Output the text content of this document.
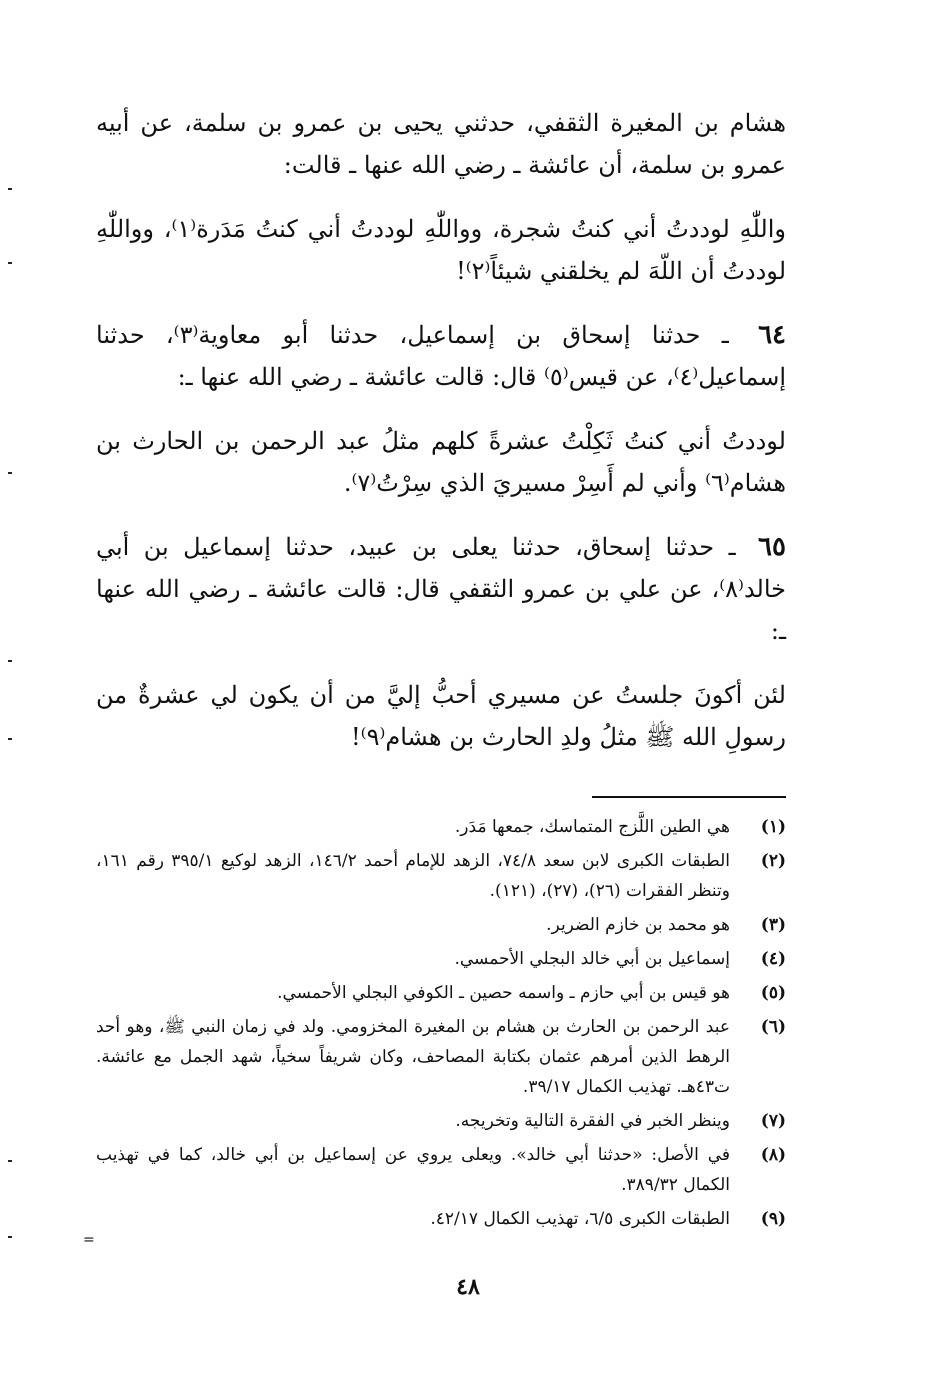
هشام بن المغيرة الثقفي، حدثني يحيى بن عمرو بن سلمة، عن أبيه عمرو بن سلمة، أن عائشة ـ رضي الله عنها ـ قالت:

واللّٰهِ لوددتُ أني كنتُ شجرة، وواللّٰهِ لوددتُ أني كنتُ مَدَرة⁽١⁾، وواللّٰهِ لوددتُ أن اللّهَ لم يخلقني شيئاً⁽٢⁾!

٦٤ ـ حدثنا إسحاق بن إسماعيل، حدثنا أبو معاوية⁽٣⁾، حدثنا إسماعيل⁽٤⁾، عن قيس⁽٥⁾ قال: قالت عائشة ـ رضي الله عنها ـ:

لوددتُ أني كنتُ ثَكِلْتُ عشرةً كلهم مثلُ عبد الرحمن بن الحارث بن هشام⁽٦⁾ وأني لم أَسِرْ مسيريَ الذي سِرْتُ⁽٧⁾.

٦٥ ـ حدثنا إسحاق، حدثنا يعلى بن عبيد، حدثنا إسماعيل بن أبي خالد⁽٨⁾، عن علي بن عمرو الثقفي قال: قالت عائشة ـ رضي الله عنها ـ:

لئن أكونَ جلستُ عن مسيري أحبُّ إليَّ من أن يكون لي عشرةٌ من رسولِ الله ﷺ مثلُ ولدِ الحارث بن هشام⁽٩⁾!

(١)
هي الطين اللَّزج المتماسك، جمعها مَدَر.
(٢)
الطبقات الكبرى لابن سعد ٧٤/٨، الزهد للإمام أحمد ١٤٦/٢، الزهد لوكيع ٣٩٥/١ رقم ١٦١، وتنظر الفقرات (٢٦)، (٢٧)، (١٢١).
(٣)
هو محمد بن خازم الضرير.
(٤)
إسماعيل بن أبي خالد البجلي الأحمسي.
(٥)
هو قيس بن أبي حازم ـ واسمه حصين ـ الكوفي البجلي الأحمسي.
(٦)
عبد الرحمن بن الحارث بن هشام بن المغيرة المخزومي. ولد في زمان النبي ﷺ، وهو أحد الرهط الذين أمرهم عثمان بكتابة المصاحف، وكان شريفاً سخياً، شهد الجمل مع عائشة. ت٤٣هـ. تهذيب الكمال ٣٩/١٧.
(٧)
وينظر الخبر في الفقرة التالية وتخريجه.
(٨)
في الأصل: «حدثنا أبي خالد». ويعلى يروي عن إسماعيل بن أبي خالد، كما في تهذيب الكمال ٣٨٩/٣٢.
(٩)
الطبقات الكبرى ٦/٥، تهذيب الكمال ٤٢/١٧.
٤٨
=
